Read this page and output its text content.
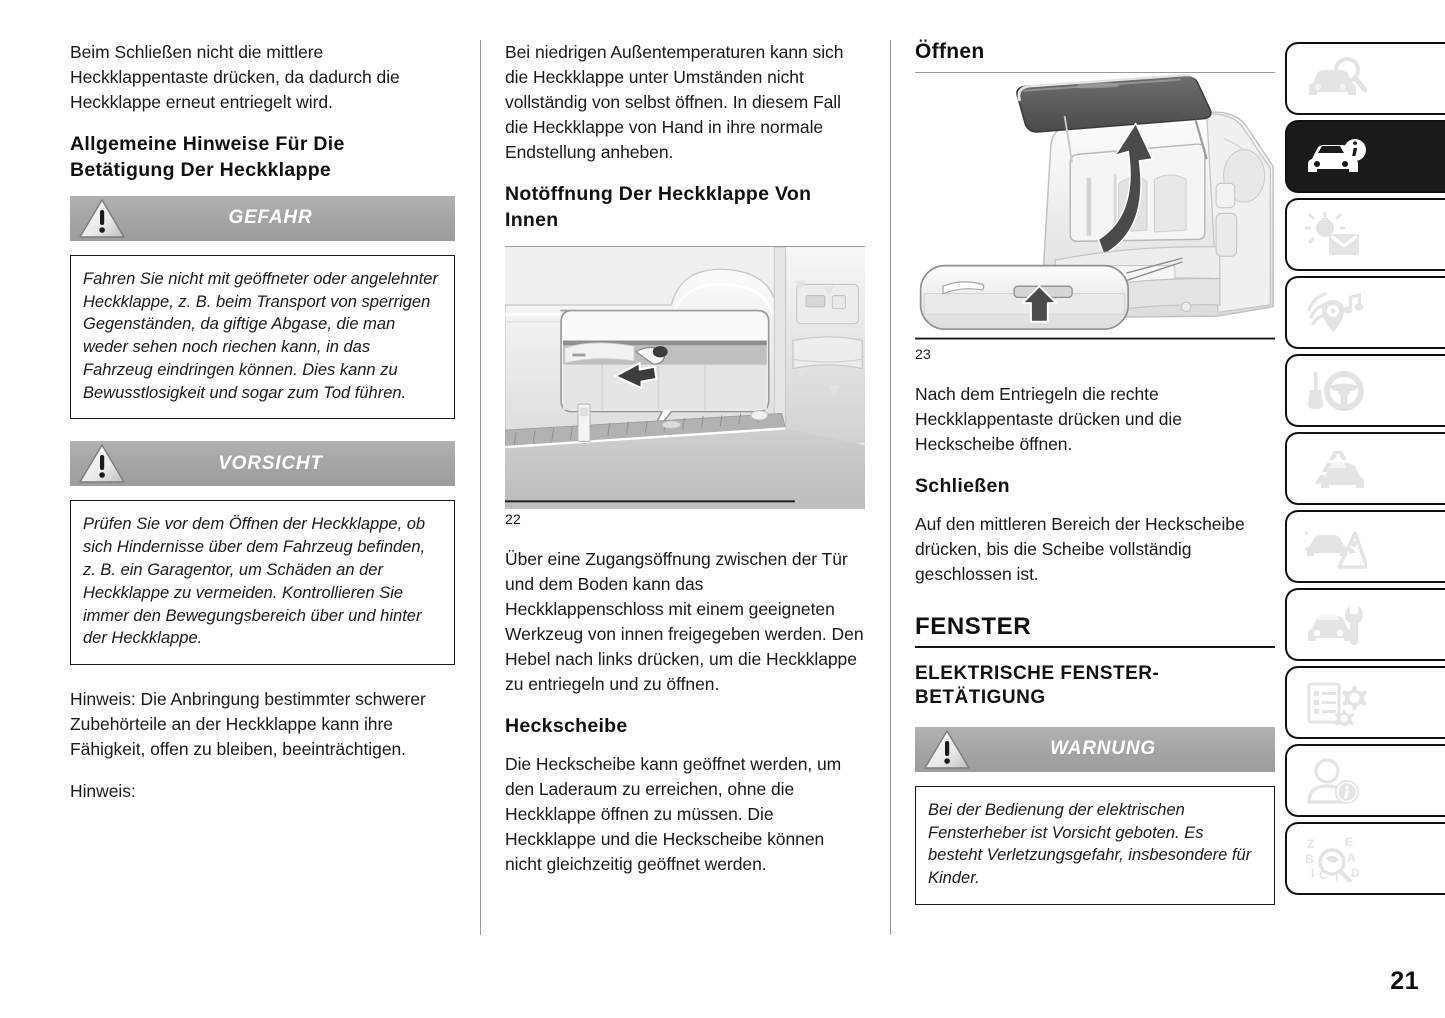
Beim Schließen nicht die mittlere Heckklappentaste drücken, da dadurch die Heckklappe erneut entriegelt wird.

Allgemeine Hinweise Für Die Betätigung Der Heckklappe
GEFAHR

Fahren Sie nicht mit geöffneter oder angelehnter Heckklappe, z. B. beim Transport von sperrigen Gegenständen, da giftige Abgase, die man weder sehen noch riechen kann, in das Fahrzeug eindringen können. Dies kann zu Bewusstlosigkeit und sogar zum Tod führen.

VORSICHT

Prüfen Sie vor dem Öffnen der Heckklappe, ob sich Hindernisse über dem Fahrzeug befinden, z. B. ein Garagentor, um Schäden an der Heckklappe zu vermeiden. Kontrollieren Sie immer den Bewegungsbereich über und hinter der Heckklappe.

Hinweis: Die Anbringung bestimmter schwerer Zubehörteile an der Heckklappe kann ihre Fähigkeit, offen zu bleiben, beeinträchtigen.

Hinweis:

Bei niedrigen Außentemperaturen kann sich die Heckklappe unter Umständen nicht vollständig von selbst öffnen. In diesem Fall die Heckklappe von Hand in ihre normale Endstellung anheben.

Notöffnung Der Heckklappe Von Innen
22

Über eine Zugangsöffnung zwischen der Tür und dem Boden kann das Heckklappenschloss mit einem geeigneten Werkzeug von innen freigegeben werden. Den Hebel nach links drücken, um die Heckklappe zu entriegeln und zu öffnen.

Heckscheibe

Die Heckscheibe kann geöffnet werden, um den Laderaum zu erreichen, ohne die Heckklappe öffnen zu müssen. Die Heckklappe und die Heckscheibe können nicht gleichzeitig geöffnet werden.

Öffnen
23

Nach dem Entriegeln die rechte Heckklappentaste drücken und die Heckscheibe öffnen.

Schließen

Auf den mittleren Bereich der Heckscheibe drücken, bis die Scheibe vollständig geschlossen ist.

FENSTER
ELEKTRISCHE FENSTER-BETÄTIGUNG
WARNUNG

Bei der Bedienung der elektrischen Fensterheber ist Vorsicht geboten. Es besteht Verletzungsgefahr, insbesondere für Kinder.

Z
B
I C T
E
A
D
21
